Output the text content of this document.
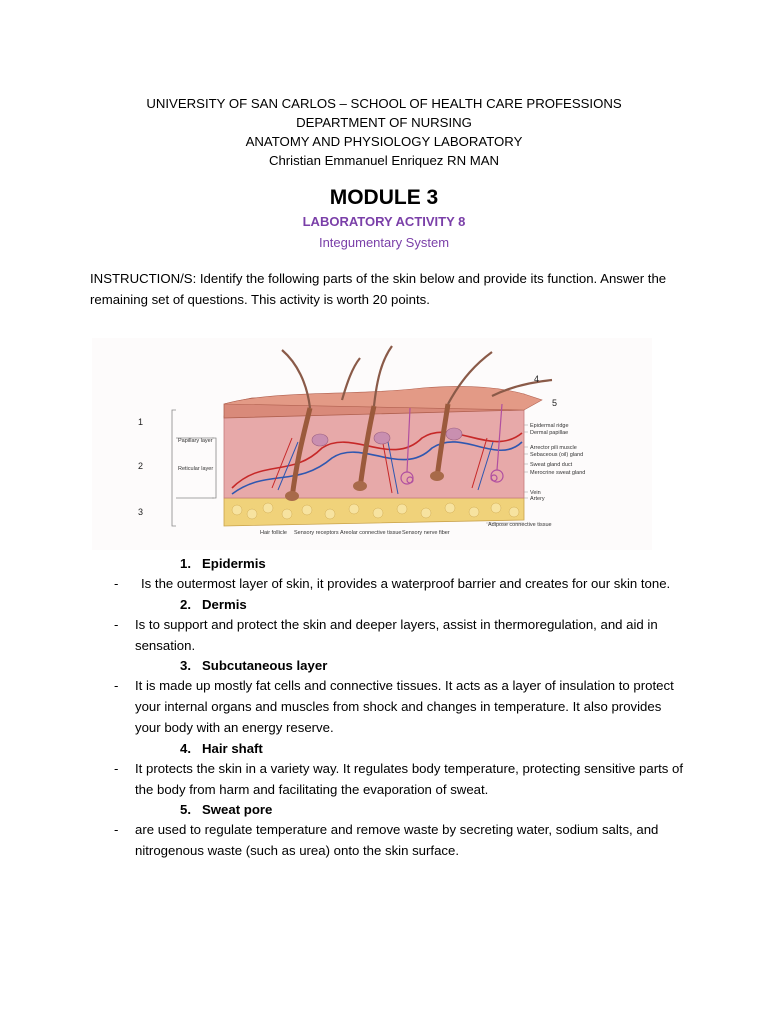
UNIVERSITY OF SAN CARLOS – SCHOOL OF HEALTH CARE PROFESSIONS
DEPARTMENT OF NURSING
ANATOMY AND PHYSIOLOGY LABORATORY
Christian Emmanuel Enriquez RN MAN
MODULE 3
LABORATORY ACTIVITY 8
Integumentary System
INSTRUCTION/S: Identify the following parts of the skin below and provide its function. Answer the remaining set of questions. This activity is worth 20 points.
1
2
3
4
5
Papillary layer
Reticular layer
Epidermal ridge
Dermal papillae
Arrector pili muscle
Sebaceous (oil) gland
Sweat gland duct
Merocrine sweat gland
Vein
Artery
Adipose connective tissue
Hair follicle Sensory receptors Areolar connective tissue Sensory nerve fiber
1. Epidermis
- Is the outermost layer of skin, it provides a waterproof barrier and creates for our skin tone.
2. Dermis
- Is to support and protect the skin and deeper layers, assist in thermoregulation, and aid in sensation.
3. Subcutaneous layer
- It is made up mostly fat cells and connective tissues. It acts as a layer of insulation to protect your internal organs and muscles from shock and changes in temperature. It also provides your body with an energy reserve.
4. Hair shaft
- It protects the skin in a variety way. It regulates body temperature, protecting sensitive parts of the body from harm and facilitating the evaporation of sweat.
5. Sweat pore
- are used to regulate temperature and remove waste by secreting water, sodium salts, and nitrogenous waste (such as urea) onto the skin surface.
